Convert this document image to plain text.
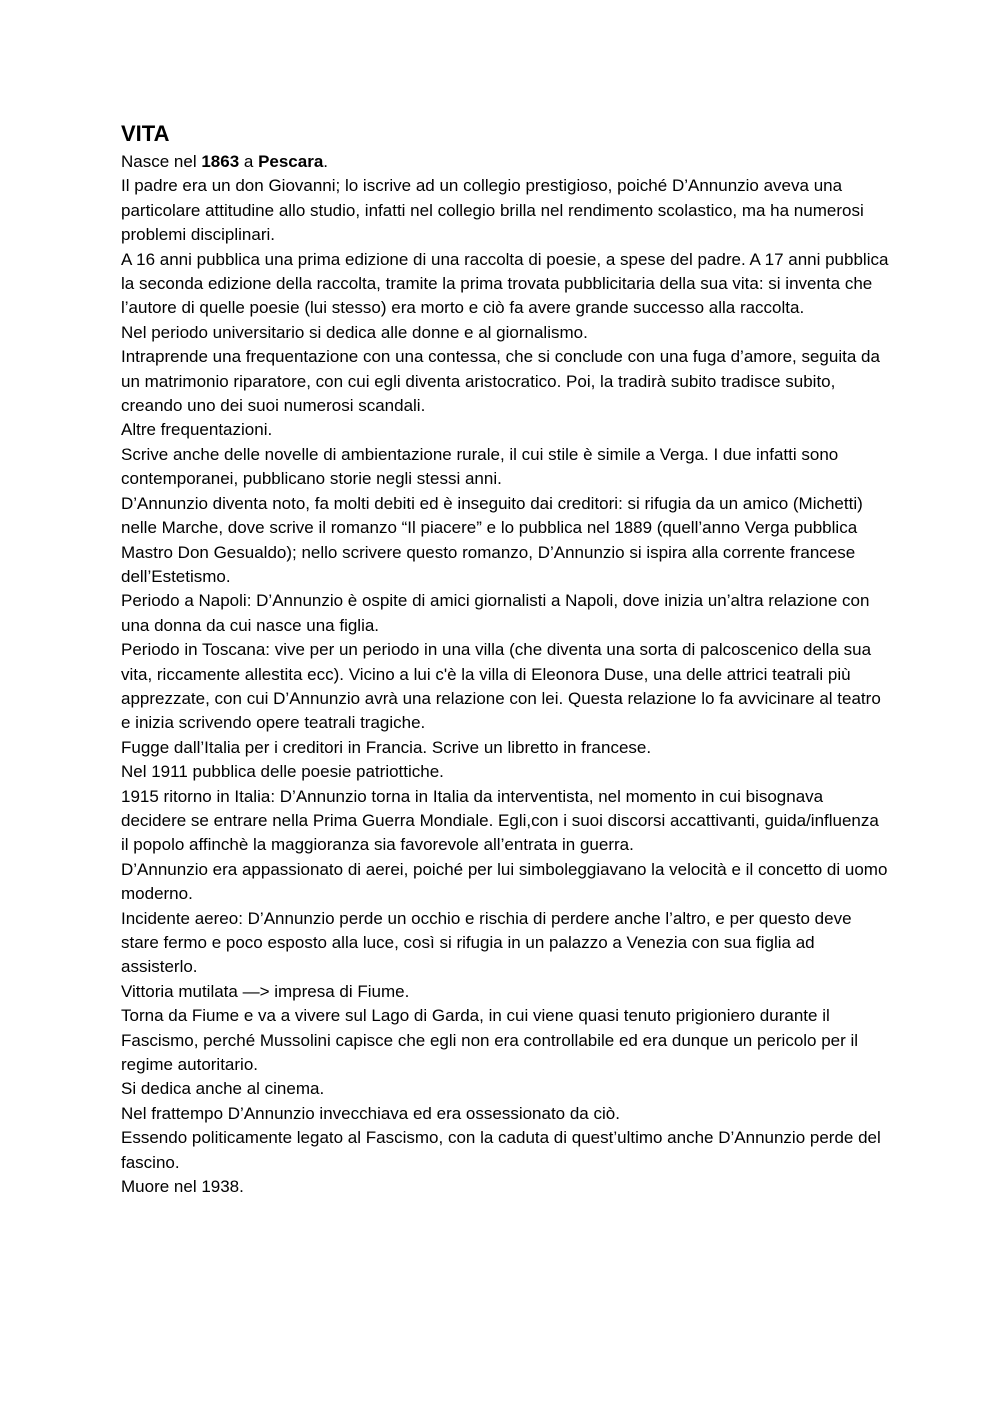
VITA

Nasce nel 1863 a Pescara.

Il padre era un don Giovanni; lo iscrive ad un collegio prestigioso, poiché D’Annunzio aveva una particolare attitudine allo studio, infatti nel collegio brilla nel rendimento scolastico, ma ha numerosi problemi disciplinari.

A 16 anni pubblica una prima edizione di una raccolta di poesie, a spese del padre. A 17 anni pubblica la seconda edizione della raccolta, tramite la prima trovata pubblicitaria della sua vita: si inventa che l’autore di quelle poesie (lui stesso) era morto e ciò fa avere grande successo alla raccolta.

Nel periodo universitario si dedica alle donne e al giornalismo.

Intraprende una frequentazione con una contessa, che si conclude con una fuga d’amore, seguita da un matrimonio riparatore, con cui egli diventa aristocratico. Poi, la tradirà subito tradisce subito, creando uno dei suoi numerosi scandali.

Altre frequentazioni.

Scrive anche delle novelle di ambientazione rurale, il cui stile è simile a Verga. I due infatti sono contemporanei, pubblicano storie negli stessi anni.

D’Annunzio diventa noto, fa molti debiti ed è inseguito dai creditori: si rifugia da un amico (Michetti) nelle Marche, dove scrive il romanzo “Il piacere” e lo pubblica nel 1889 (quell’anno Verga pubblica Mastro Don Gesualdo); nello scrivere questo romanzo, D’Annunzio si ispira alla corrente francese dell’Estetismo.

Periodo a Napoli: D’Annunzio è ospite di amici giornalisti a Napoli, dove inizia un’altra relazione con una donna da cui nasce una figlia.

Periodo in Toscana: vive per un periodo in una villa (che diventa una sorta di palcoscenico della sua vita, riccamente allestita ecc). Vicino a lui c'è la villa di Eleonora Duse, una delle attrici teatrali più apprezzate, con cui D’Annunzio avrà una relazione con lei. Questa relazione lo fa avvicinare al teatro e inizia scrivendo opere teatrali tragiche.

Fugge dall’Italia per i creditori in Francia. Scrive un libretto in francese.

Nel 1911 pubblica delle poesie patriottiche.

1915 ritorno in Italia: D’Annunzio torna in Italia da interventista, nel momento in cui bisognava decidere se entrare nella Prima Guerra Mondiale. Egli,con i suoi discorsi accattivanti, guida/influenza il popolo affinchè la maggioranza sia favorevole all’entrata in guerra.

D’Annunzio era appassionato di aerei, poiché per lui simboleggiavano la velocità e il concetto di uomo moderno.

Incidente aereo: D’Annunzio perde un occhio e rischia di perdere anche l’altro, e per questo deve stare fermo e poco esposto alla luce, così si rifugia in un palazzo a Venezia con sua figlia ad assisterlo.

Vittoria mutilata —> impresa di Fiume.

Torna da Fiume e va a vivere sul Lago di Garda, in cui viene quasi tenuto prigioniero durante il Fascismo, perché Mussolini capisce che egli non era controllabile ed era dunque un pericolo per il regime autoritario.

Si dedica anche al cinema.

Nel frattempo D’Annunzio invecchiava ed era ossessionato da ciò.

Essendo politicamente legato al Fascismo, con la caduta di quest’ultimo anche D’Annunzio perde del fascino.

Muore nel 1938.
